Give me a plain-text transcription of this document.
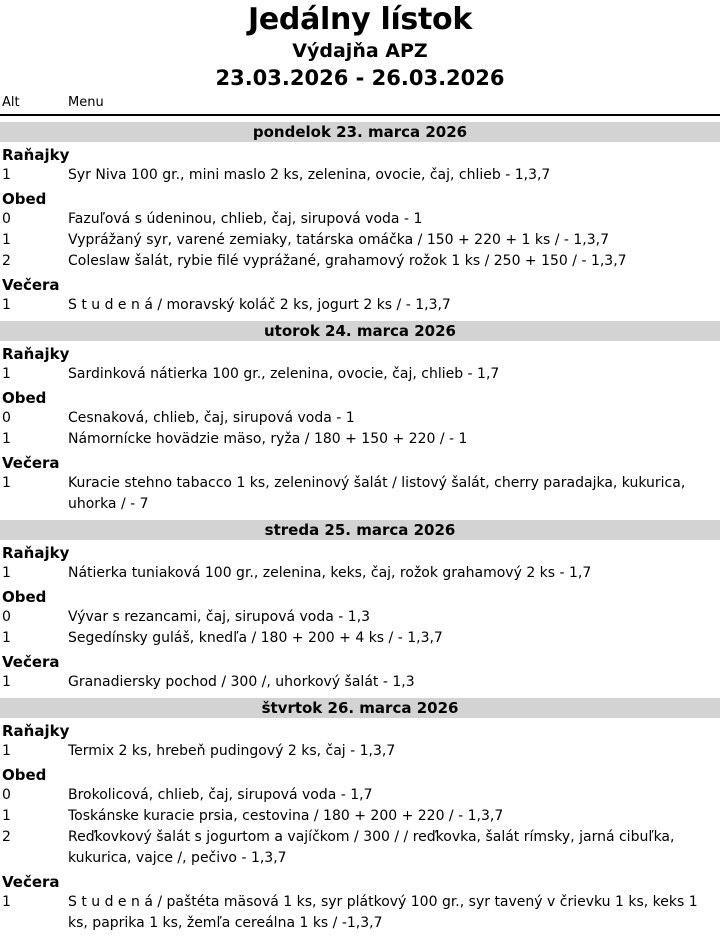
Jedálny lístok
Výdajňa APZ
23.03.2026 - 26.03.2026
Alt	Menu
pondelok 23. marca 2026
Raňajky
1	Syr Niva 100 gr., mini maslo 2 ks, zelenina, ovocie, čaj, chlieb - 1,3,7
Obed
0	Fazuľová s údeninou, chlieb, čaj, sirupová voda - 1
1	Vyprážaný syr, varené zemiaky, tatárska omáčka / 150 + 220 + 1 ks / - 1,3,7
2	Coleslaw šalát, rybie filé vyprážané, grahamový rožok 1 ks / 250 + 150 / - 1,3,7
Večera
1	S t u d e n á / moravský koláč 2 ks, jogurt 2 ks / - 1,3,7
utorok 24. marca 2026
Raňajky
1	Sardinková nátierka 100 gr., zelenina, ovocie, čaj, chlieb - 1,7
Obed
0	Cesnaková, chlieb, čaj, sirupová voda - 1
1	Námornícke hovädzie mäso, ryža / 180 + 150 + 220 / - 1
Večera
1	Kuracie stehno tabacco 1 ks, zeleninový šalát / listový šalát, cherry paradajka, kukurica, uhorka / - 7
streda 25. marca 2026
Raňajky
1	Nátierka tuniaková 100 gr., zelenina, keks, čaj, rožok grahamový 2 ks - 1,7
Obed
0	Vývar s rezancami, čaj, sirupová voda - 1,3
1	Segedínsky guláš, knedľa / 180 + 200 + 4 ks / - 1,3,7
Večera
1	Granadiersky pochod / 300 /, uhorkový šalát - 1,3
štvrtok 26. marca 2026
Raňajky
1	Termix 2 ks, hrebeň pudingový 2 ks, čaj - 1,3,7
Obed
0	Brokolicová, chlieb, čaj, sirupová voda - 1,7
1	Toskánske kuracie prsia, cestovina / 180 + 200 + 220 / - 1,3,7
2	Reďkovkový šalát s jogurtom a vajíčkom / 300 / / reďkovka, šalát rímsky, jarná cibuľka, kukurica, vajce /, pečivo - 1,3,7
Večera
1	S t u d e n á / paštéta mäsová 1 ks, syr plátkový 100 gr., syr tavený v črievku 1 ks, keks 1 ks, paprika 1 ks, žemľa cereálna 1 ks / -1,3,7
